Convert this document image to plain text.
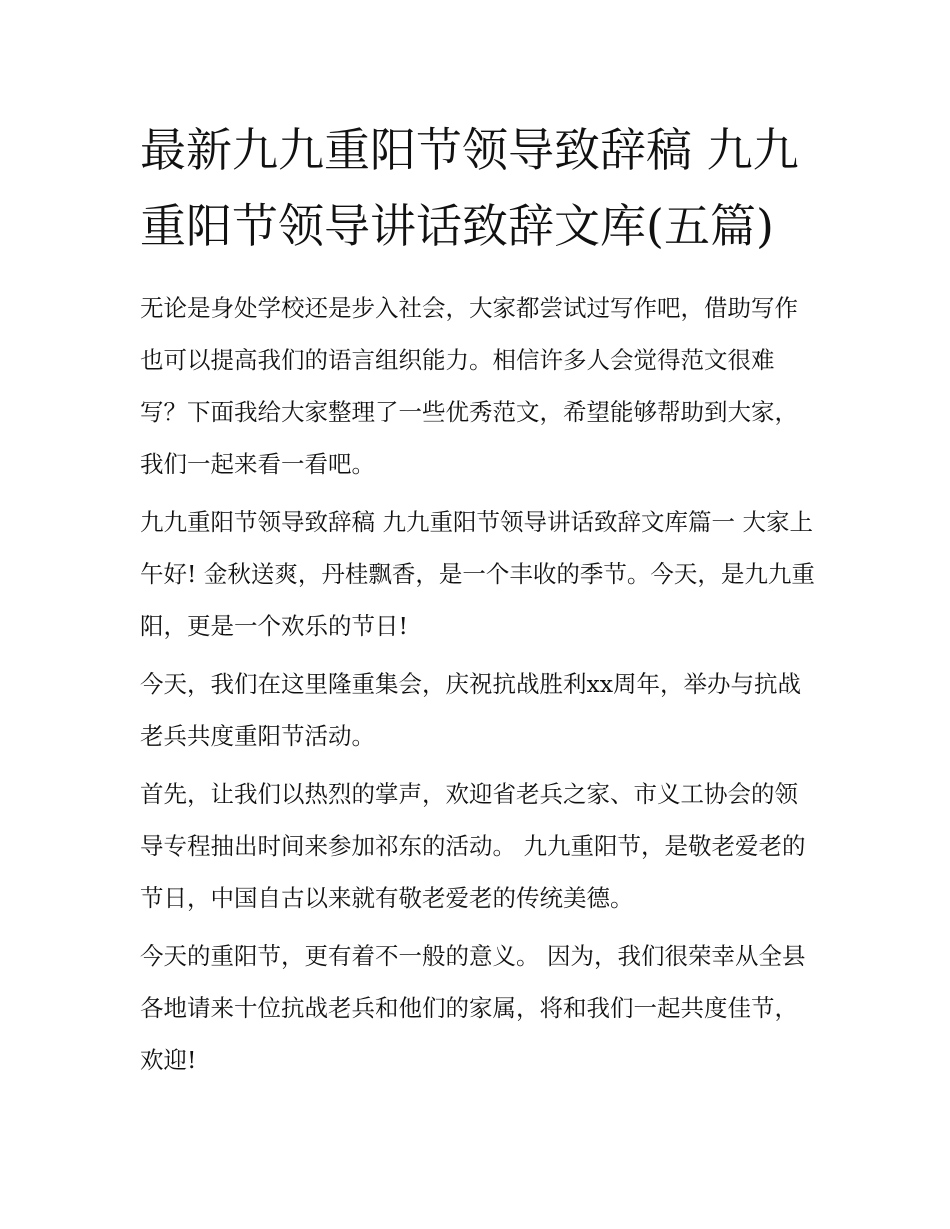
最新九九重阳节领导致辞稿 九九重阳节领导讲话致辞文库(五篇)

无论是身处学校还是步入社会，大家都尝试过写作吧，借助写作也可以提高我们的语言组织能力。相信许多人会觉得范文很难写？下面我给大家整理了一些优秀范文，希望能够帮助到大家，我们一起来看一看吧。

九九重阳节领导致辞稿 九九重阳节领导讲话致辞文库篇一 大家上午好! 金秋送爽，丹桂飘香，是一个丰收的季节。今天，是九九重阳，更是一个欢乐的节日!

今天，我们在这里隆重集会，庆祝抗战胜利xx周年，举办与抗战老兵共度重阳节活动。

首先，让我们以热烈的掌声，欢迎省老兵之家、市义工协会的领导专程抽出时间来参加祁东的活动。 九九重阳节，是敬老爱老的节日，中国自古以来就有敬老爱老的传统美德。

今天的重阳节，更有着不一般的意义。 因为，我们很荣幸从全县各地请来十位抗战老兵和他们的家属，将和我们一起共度佳节，欢迎!
